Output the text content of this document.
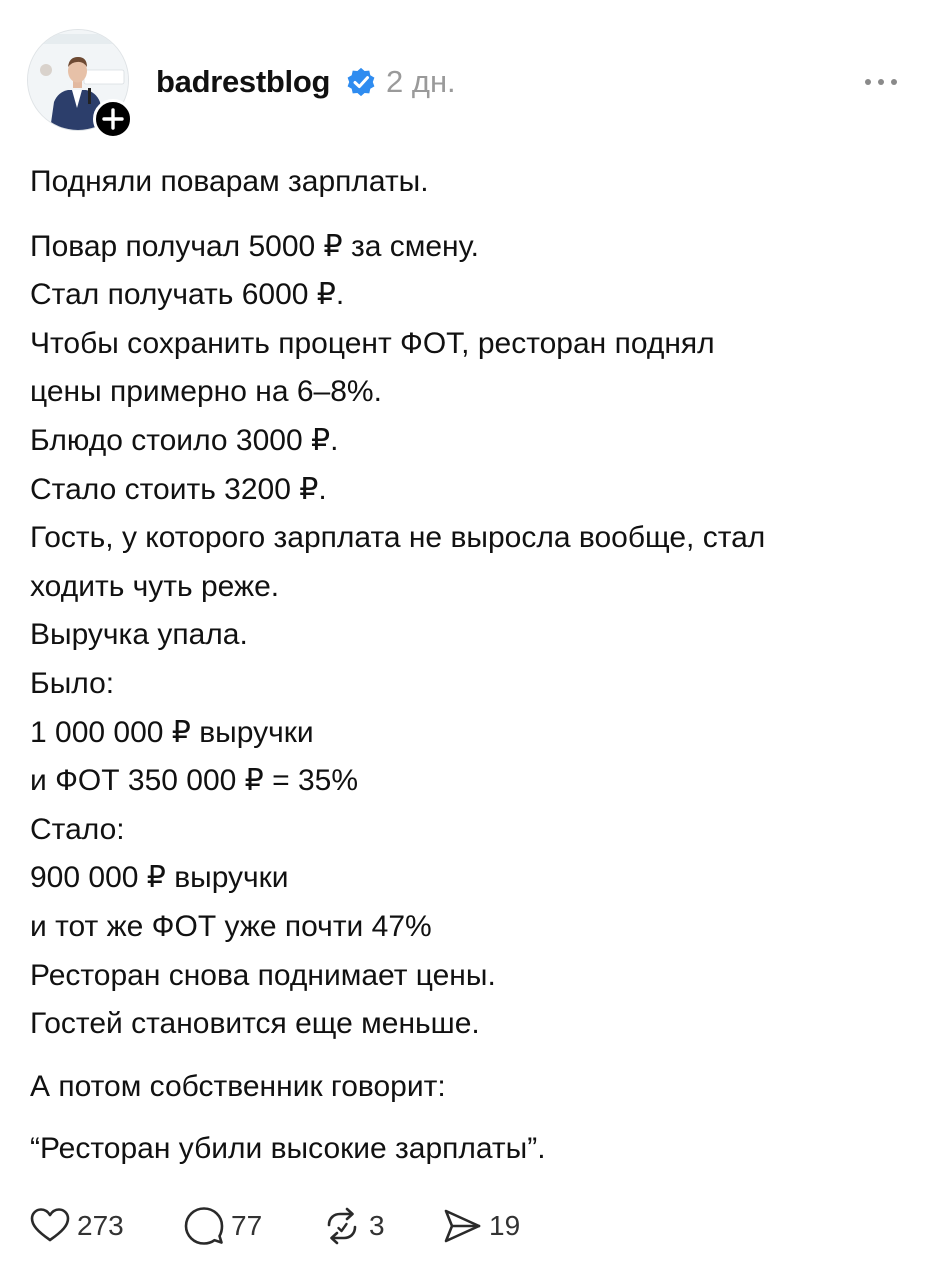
badrestblog 2 дн.

Подняли поварам зарплаты.

Повар получал 5000 ₽ за смену.

Стал получать 6000 ₽.

Чтобы сохранить процент ФОТ, ресторан поднял

цены примерно на 6–8%.

Блюдо стоило 3000 ₽.

Стало стоить 3200 ₽.

Гость, у которого зарплата не выросла вообще, стал

ходить чуть реже.

Выручка упала.

Было:

1 000 000 ₽ выручки

и ФОТ 350 000 ₽ = 35%

Стало:

900 000 ₽ выручки

и тот же ФОТ уже почти 47%

Ресторан снова поднимает цены.

Гостей становится еще меньше.

А потом собственник говорит:

“Ресторан убили высокие зарплаты”.

273	77	3	19
